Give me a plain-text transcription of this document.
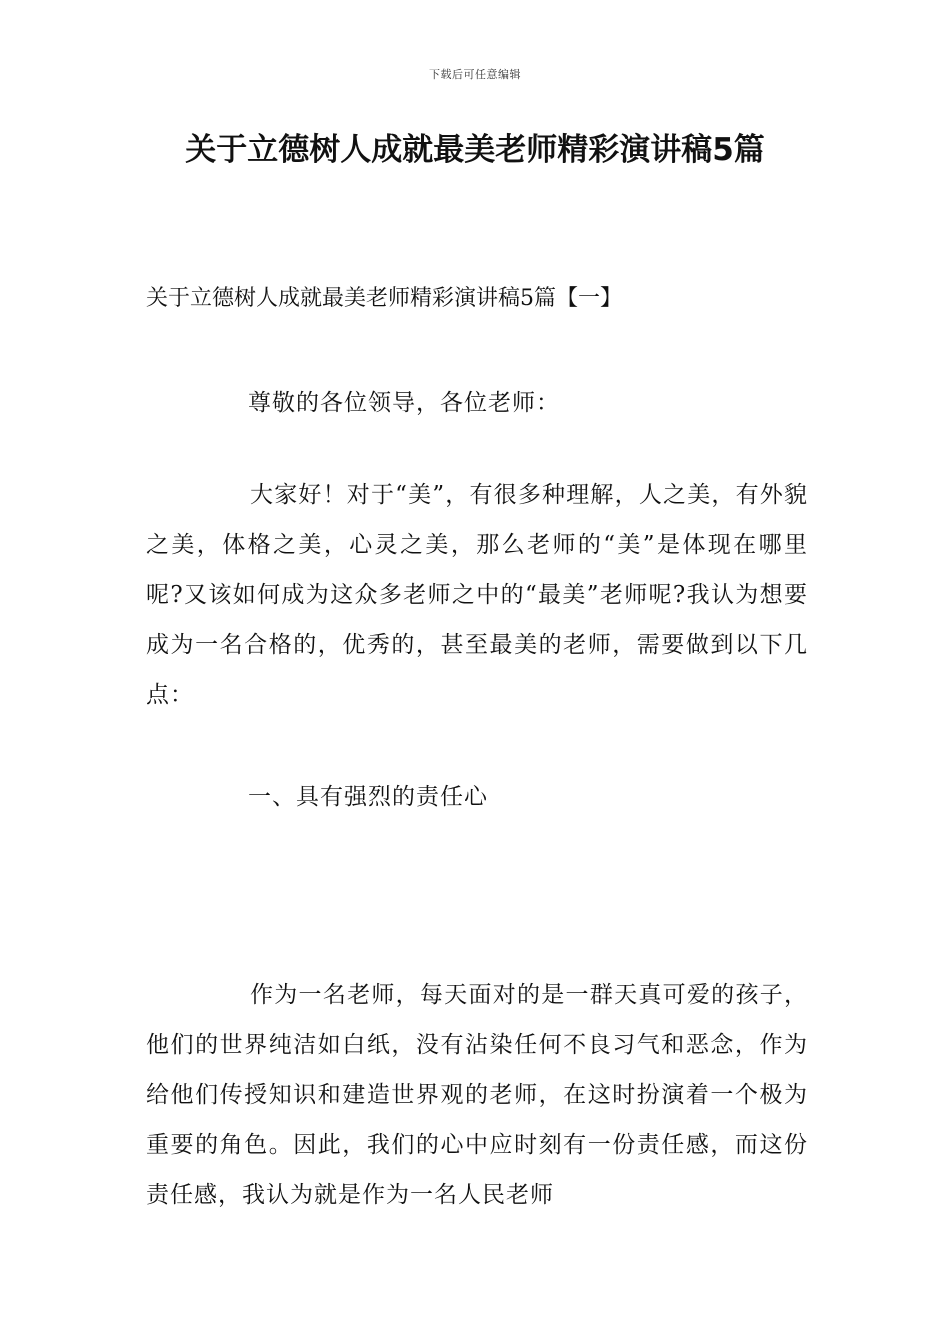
下载后可任意编辑
关于立德树人成就最美老师精彩演讲稿5篇
关于立德树人成就最美老师精彩演讲稿5篇【一】
尊敬的各位领导，各位老师：
大家好！对于“美”，有很多种理解，人之美，有外貌之美，体格之美，心灵之美，那么老师的“美”是体现在哪里呢?又该如何成为这众多老师之中的“最美”老师呢?我认为想要成为一名合格的，优秀的，甚至最美的老师，需要做到以下几点：
一、具有强烈的责任心
作为一名老师，每天面对的是一群天真可爱的孩子，他们的世界纯洁如白纸，没有沾染任何不良习气和恶念，作为给他们传授知识和建造世界观的老师，在这时扮演着一个极为重要的角色。因此，我们的心中应时刻有一份责任感，而这份责任感，我认为就是作为一名人民老师
